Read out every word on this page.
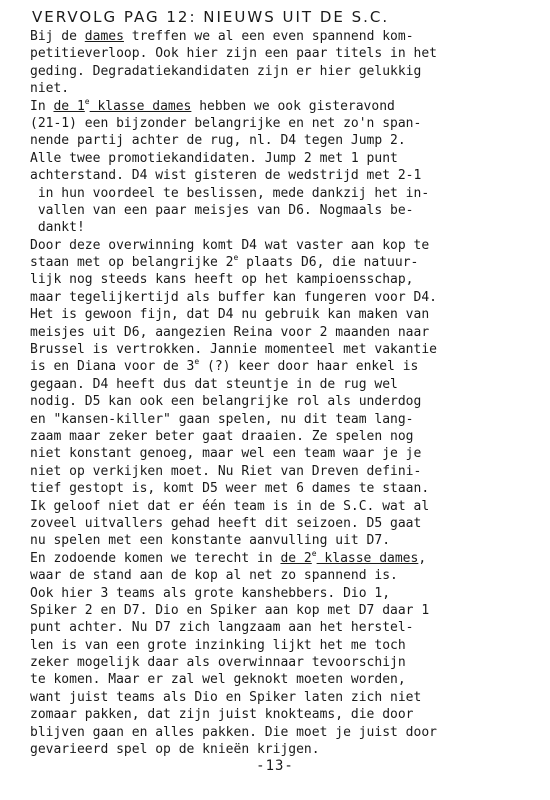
VERVOLG PAG 12: NIEUWS UIT DE S.C.
Bij de dames treffen we al een even spannend kom-
petitieverloop. Ook hier zijn een paar titels in het
geding. Degradatiekandidaten zijn er hier gelukkig
niet.
In de 1e klasse dames hebben we ook gisteravond
(21-1) een bijzonder belangrijke en net zo'n span-
nende partij achter de rug, nl. D4 tegen Jump 2.
Alle twee promotiekandidaten. Jump 2 met 1 punt
achterstand. D4 wist gisteren de wedstrijd met 2-1
in hun voordeel te beslissen, mede dankzij het in-
vallen van een paar meisjes van D6. Nogmaals be-
dankt!
Door deze overwinning komt D4 wat vaster aan kop te
staan met op belangrijke 2e plaats D6, die natuur-
lijk nog steeds kans heeft op het kampioensschap,
maar tegelijkertijd als buffer kan fungeren voor D4.
Het is gewoon fijn, dat D4 nu gebruik kan maken van
meisjes uit D6, aangezien Reina voor 2 maanden naar
Brussel is vertrokken. Jannie momenteel met vakantie
is en Diana voor de 3e (?) keer door haar enkel is
gegaan. D4 heeft dus dat steuntje in de rug wel
nodig. D5 kan ook een belangrijke rol als underdog
en "kansen-killer" gaan spelen, nu dit team lang-
zaam maar zeker beter gaat draaien. Ze spelen nog
niet konstant genoeg, maar wel een team waar je je
niet op verkijken moet. Nu Riet van Dreven defini-
tief gestopt is, komt D5 weer met 6 dames te staan.
Ik geloof niet dat er één team is in de S.C. wat al
zoveel uitvallers gehad heeft dit seizoen. D5 gaat
nu spelen met een konstante aanvulling uit D7.
En zodoende komen we terecht in de 2e klasse dames,
waar de stand aan de kop al net zo spannend is.
Ook hier 3 teams als grote kanshebbers. Dio 1,
Spiker 2 en D7. Dio en Spiker aan kop met D7 daar 1
punt achter. Nu D7 zich langzaam aan het herstel-
len is van een grote inzinking lijkt het me toch
zeker mogelijk daar als overwinnaar tevoorschijn
te komen. Maar er zal wel geknokt moeten worden,
want juist teams als Dio en Spiker laten zich niet
zomaar pakken, dat zijn juist knokteams, die door
blijven gaan en alles pakken. Die moet je juist door
gevarieerd spel op de knieën krijgen.
-13-
